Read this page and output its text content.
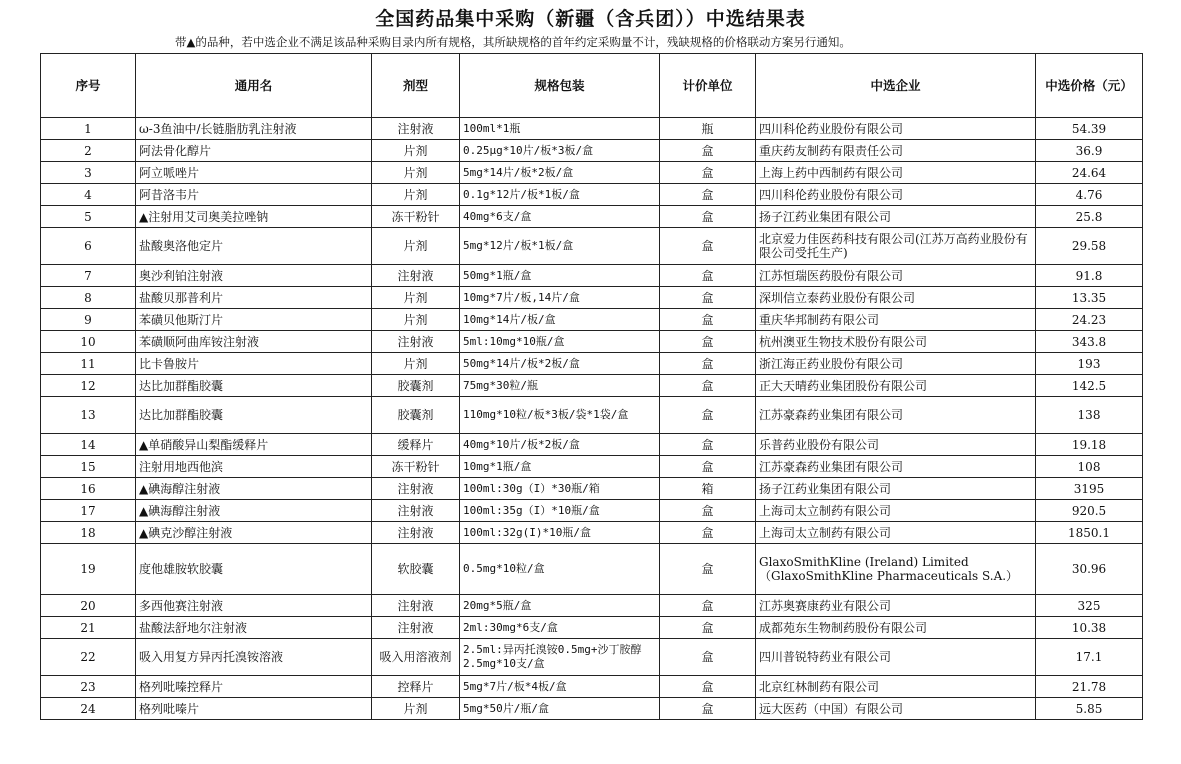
全国药品集中采购（新疆（含兵团））中选结果表
带▲的品种，若中选企业不满足该品种采购目录内所有规格，其所缺规格的首年约定采购量不计，残缺规格的价格联动方案另行通知。
序号	通用名	剂型	规格包装	计价单位	中选企业	中选价格（元）
1	ω-3鱼油中/长链脂肪乳注射液	注射液	100ml*1瓶	瓶	四川科伦药业股份有限公司	54.39
2	阿法骨化醇片	片剂	0.25μg*10片/板*3板/盒	盒	重庆药友制药有限责任公司	36.9
3	阿立哌唑片	片剂	5mg*14片/板*2板/盒	盒	上海上药中西制药有限公司	24.64
4	阿昔洛韦片	片剂	0.1g*12片/板*1板/盒	盒	四川科伦药业股份有限公司	4.76
5	▲注射用艾司奥美拉唑钠	冻干粉针	40mg*6支/盒	盒	扬子江药业集团有限公司	25.8
6	盐酸奥洛他定片	片剂	5mg*12片/板*1板/盒	盒	北京爱力佳医药科技有限公司(江苏万高药业股份有限公司受托生产)	29.58
7	奥沙利铂注射液	注射液	50mg*1瓶/盒	盒	江苏恒瑞医药股份有限公司	91.8
8	盐酸贝那普利片	片剂	10mg*7片/板,14片/盒	盒	深圳信立泰药业股份有限公司	13.35
9	苯磺贝他斯汀片	片剂	10mg*14片/板/盒	盒	重庆华邦制药有限公司	24.23
10	苯磺顺阿曲库铵注射液	注射液	5ml:10mg*10瓶/盒	盒	杭州澳亚生物技术股份有限公司	343.8
11	比卡鲁胺片	片剂	50mg*14片/板*2板/盒	盒	浙江海正药业股份有限公司	193
12	达比加群酯胶囊	胶囊剂	75mg*30粒/瓶	盒	正大天晴药业集团股份有限公司	142.5
13	达比加群酯胶囊	胶囊剂	110mg*10粒/板*3板/袋*1袋/盒	盒	江苏豪森药业集团有限公司	138
14	▲单硝酸异山梨酯缓释片	缓释片	40mg*10片/板*2板/盒	盒	乐普药业股份有限公司	19.18
15	注射用地西他滨	冻干粉针	10mg*1瓶/盒	盒	江苏豪森药业集团有限公司	108
16	▲碘海醇注射液	注射液	100ml:30g（I）*30瓶/箱	箱	扬子江药业集团有限公司	3195
17	▲碘海醇注射液	注射液	100ml:35g（I）*10瓶/盒	盒	上海司太立制药有限公司	920.5
18	▲碘克沙醇注射液	注射液	100ml:32g(I)*10瓶/盒	盒	上海司太立制药有限公司	1850.1
19	度他雄胺软胶囊	软胶囊	0.5mg*10粒/盒	盒	GlaxoSmithKline (Ireland) Limited（GlaxoSmithKline Pharmaceuticals S.A.）	30.96
20	多西他赛注射液	注射液	20mg*5瓶/盒	盒	江苏奥赛康药业有限公司	325
21	盐酸法舒地尔注射液	注射液	2ml:30mg*6支/盒	盒	成都苑东生物制药股份有限公司	10.38
22	吸入用复方异丙托溴铵溶液	吸入用溶液剂	2.5ml:异丙托溴铵0.5mg+沙丁胺醇2.5mg*10支/盒	盒	四川普锐特药业有限公司	17.1
23	格列吡嗪控释片	控释片	5mg*7片/板*4板/盒	盒	北京红林制药有限公司	21.78
24	格列吡嗪片	片剂	5mg*50片/瓶/盒	盒	远大医药（中国）有限公司	5.85
